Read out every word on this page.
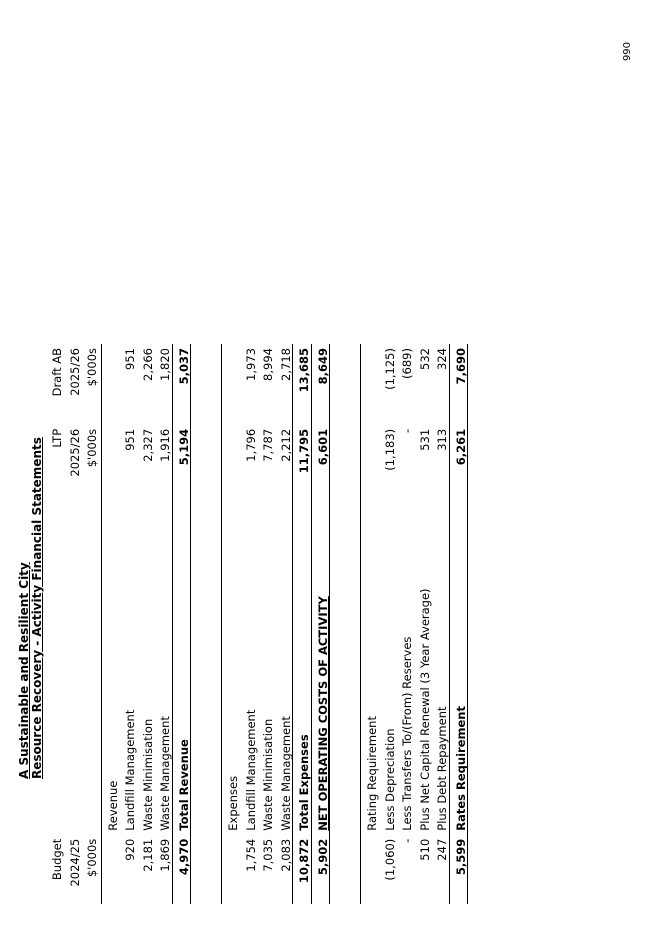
066
A Sustainable and Resilient City Resource Recovery - Activity Financial Statements
Budget		LTP	Draft AB
2024/25		2025/26	2025/26
$'000s		$'000s	$'000s

	Revenue		
920	Landfill Management	951	951
2,181	Waste Minimisation	2,327	2,266
1,869	Waste Management	1,916	1,820
4,970	Total Revenue	5,194	5,037

	Expenses		
1,754	Landfill Management	1,796	1,973
7,035	Waste Minimisation	7,787	8,994
2,083	Waste Management	2,212	2,718
10,872	Total Expenses	11,795	13,685
5,902	NET OPERATING COSTS OF ACTIVITY	6,601	8,649

	Rating Requirement		
(1,060)	Less Depreciation	(1,183)	(1,125)
-	Less Transfers To/(From) Reserves	-	(689)
510	Plus Net Capital Renewal (3 Year Average)	531	532
247	Plus Debt Repayment	313	324
5,599	Rates Requirement	6,261	7,690
